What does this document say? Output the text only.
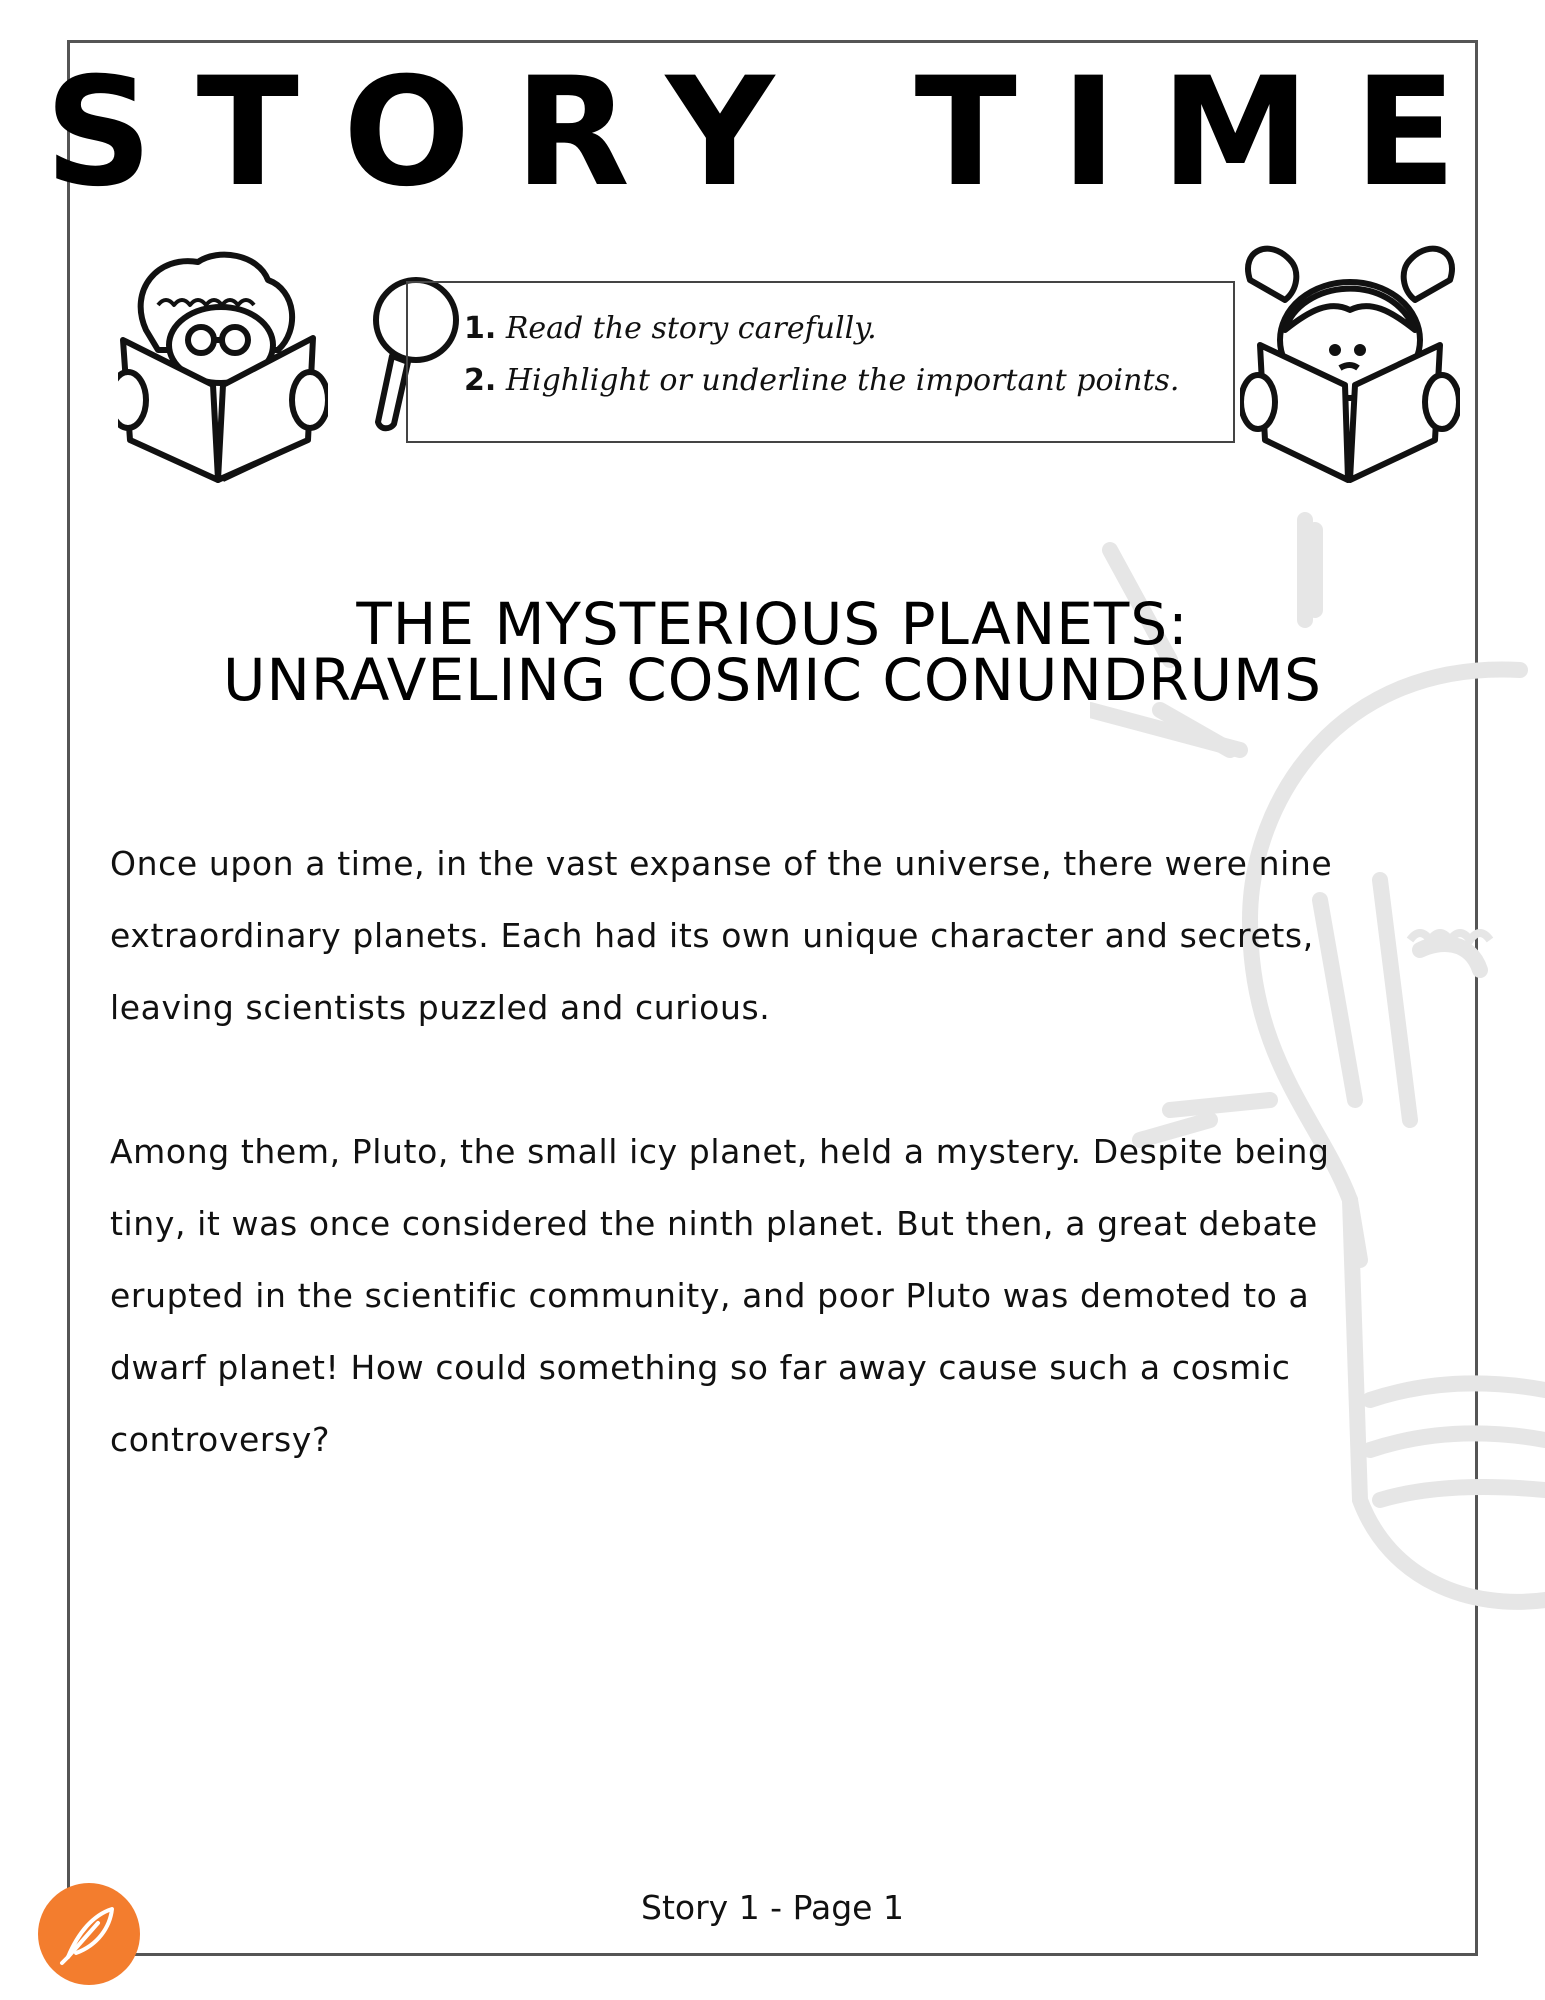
STORY TIME
1. Read the story carefully.
2. Highlight or underline the important points.
THE MYSTERIOUS PLANETS:
UNRAVELING COSMIC CONUNDRUMS
Once upon a time, in the vast expanse of the universe, there were nine extraordinary planets. Each had its own unique character and secrets, leaving scientists puzzled and curious.
Among them, Pluto, the small icy planet, held a mystery. Despite being tiny, it was once considered the ninth planet. But then, a great debate erupted in the scientific community, and poor Pluto was demoted to a dwarf planet! How could something so far away cause such a cosmic controversy?
Story 1 - Page 1
